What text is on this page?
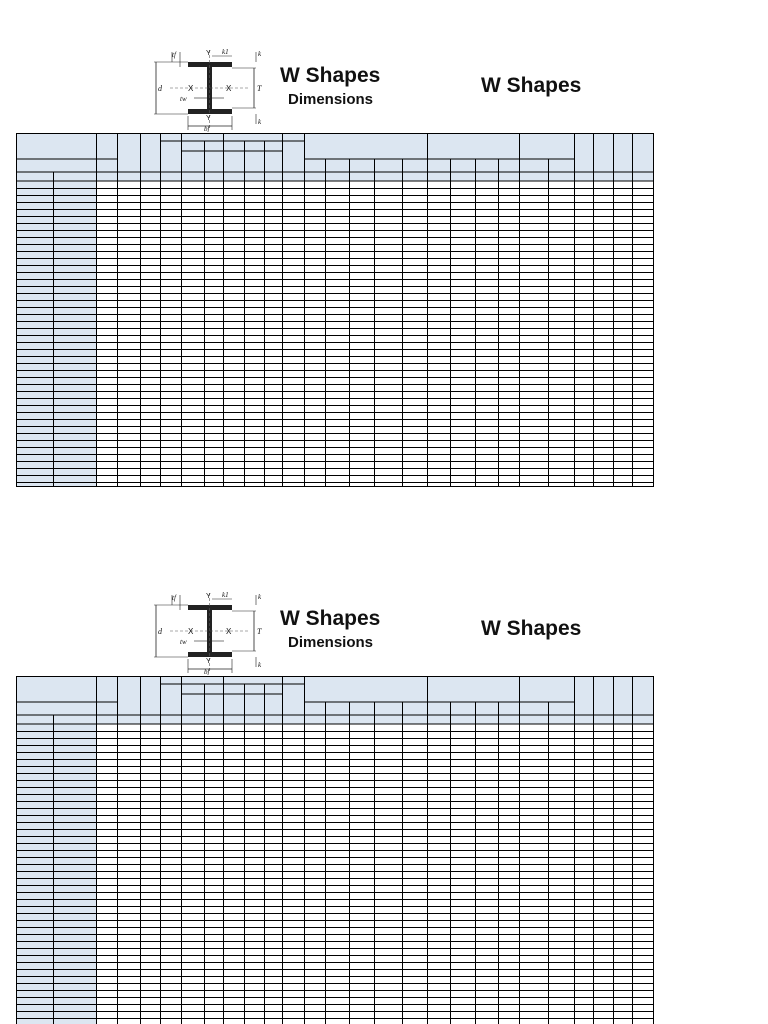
tf	Y k1	k
d	X	X	T
tw
Y
bf
k
W Shapes
Dimensions
W Shapes
tf	Y k1	k
d	X	X	T
tw
Y
bf
k
W Shapes
Dimensions
W Shapes
